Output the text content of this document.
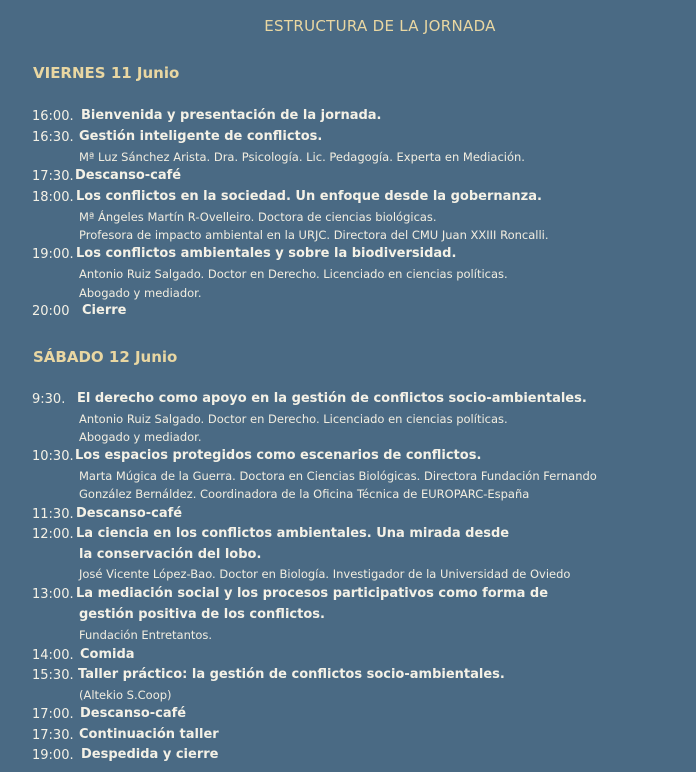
ESTRUCTURA DE LA JORNADA
VIERNES 11 Junio
16:00. Bienvenida y presentación de la jornada.
16:30. Gestión inteligente de conflictos.
Mª Luz Sánchez Arista. Dra. Psicología. Lic. Pedagogía. Experta en Mediación.
17:30. Descanso-café
18:00. Los conflictos en la sociedad. Un enfoque desde la gobernanza.
Mª Ángeles Martín R-Ovelleiro. Doctora de ciencias biológicas.
Profesora de impacto ambiental en la URJC. Directora del CMU Juan XXIII Roncalli.
19:00. Los conflictos ambientales y sobre la biodiversidad.
Antonio Ruiz Salgado. Doctor en Derecho. Licenciado en ciencias políticas.
Abogado y mediador.
20:00 Cierre
SÁBADO 12 Junio
9:30. El derecho como apoyo en la gestión de conflictos socio-ambientales.
Antonio Ruiz Salgado. Doctor en Derecho. Licenciado en ciencias políticas.
Abogado y mediador.
10:30. Los espacios protegidos como escenarios de conflictos.
Marta Múgica de la Guerra. Doctora en Ciencias Biológicas. Directora Fundación Fernando
González Bernáldez. Coordinadora de la Oficina Técnica de EUROPARC-España
11:30. Descanso-café
12:00. La ciencia en los conflictos ambientales. Una mirada desde
la conservación del lobo.
José Vicente López-Bao. Doctor en Biología. Investigador de la Universidad de Oviedo
13:00. La mediación social y los procesos participativos como forma de
gestión positiva de los conflictos.
Fundación Entretantos.
14:00. Comida
15:30. Taller práctico: la gestión de conflictos socio-ambientales.
(Altekio S.Coop)
17:00. Descanso-café
17:30. Continuación taller
19:00. Despedida y cierre
